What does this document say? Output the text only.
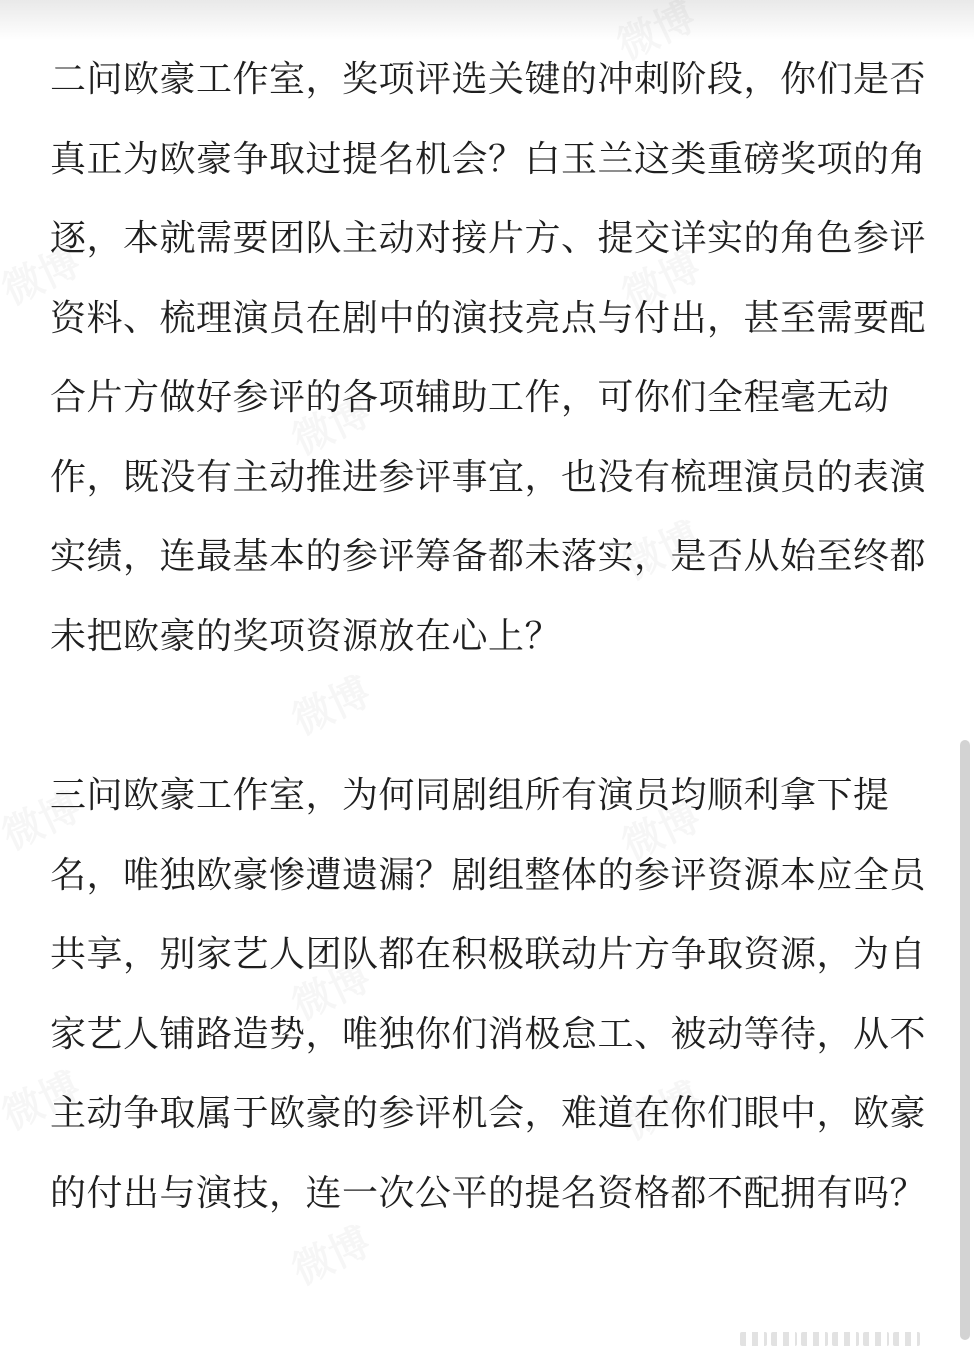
二问欧豪工作室，奖项评选关键的冲刺阶段，你们是否真正为欧豪争取过提名机会？白玉兰这类重磅奖项的角逐，本就需要团队主动对接片方、提交详实的角色参评资料、梳理演员在剧中的演技亮点与付出，甚至需要配合片方做好参评的各项辅助工作，可你们全程毫无动作，既没有主动推进参评事宜，也没有梳理演员的表演实绩，连最基本的参评筹备都未落实，是否从始至终都未把欧豪的奖项资源放在心上？

三问欧豪工作室，为何同剧组所有演员均顺利拿下提名，唯独欧豪惨遭遗漏？剧组整体的参评资源本应全员共享，别家艺人团队都在积极联动片方争取资源，为自家艺人铺路造势，唯独你们消极怠工、被动等待，从不主动争取属于欧豪的参评机会，难道在你们眼中，欧豪的付出与演技，连一次公平的提名资格都不配拥有吗？
